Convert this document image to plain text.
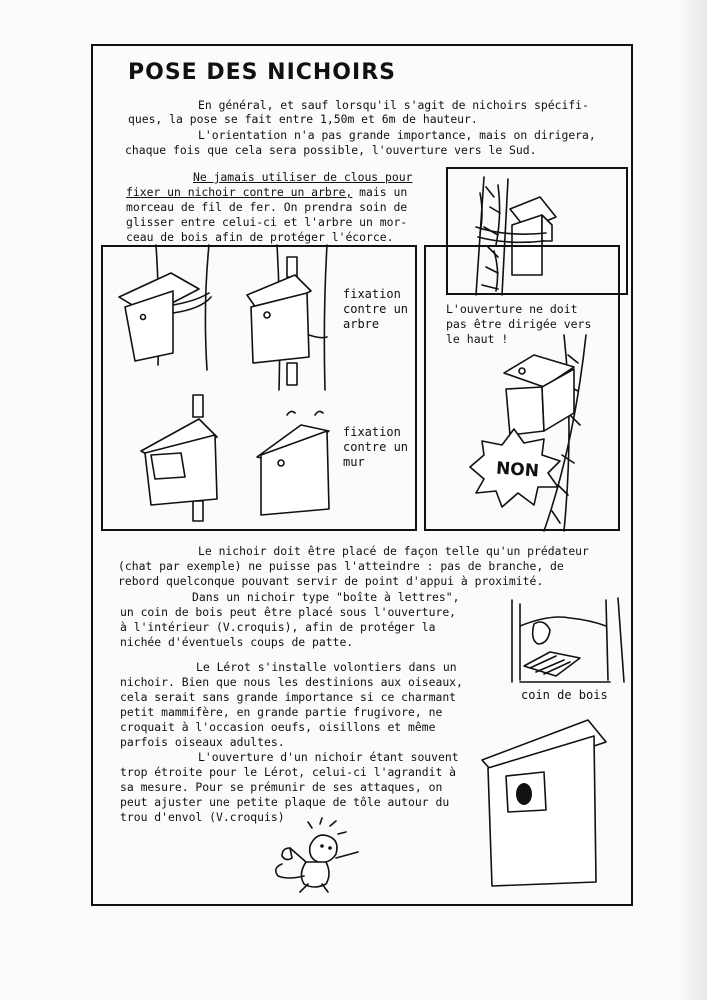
POSE DES NICHOIRS
En général, et sauf lorsqu'il s'agit de nichoirs spécifi-
ques, la pose se fait entre 1,50m et 6m de hauteur.
L'orientation n'a pas grande importance, mais on dirigera,
chaque fois que cela sera possible, l'ouverture vers le Sud.
Ne jamais utiliser de clous pour
fixer un nichoir contre un arbre, mais un
morceau de fil de fer. On prendra soin de
glisser entre celui-ci et l'arbre un mor-
ceau de bois afin de protéger l'écorce.
fixation
contre un
arbre
fixation
contre un
mur
L'ouverture ne doit
pas être dirigée vers
le haut !
NON
Le nichoir doit être placé de façon telle qu'un prédateur
(chat par exemple) ne puisse pas l'atteindre : pas de branche, de
rebord quelconque pouvant servir de point d'appui à proximité.
Dans un nichoir type "boîte à lettres",
un coin de bois peut être placé sous l'ouverture,
à l'intérieur (V.croquis), afin de protéger la
nichée d'éventuels coups de patte.
coin de bois
Le Lérot s'installe volontiers dans un
nichoir. Bien que nous les destinions aux oiseaux,
cela serait sans grande importance si ce charmant
petit mammifère, en grande partie frugivore, ne
croquait à l'occasion oeufs, oisillons et même
parfois oiseaux adultes.
L'ouverture d'un nichoir étant souvent
trop étroite pour le Lérot, celui-ci l'agrandit à
sa mesure. Pour se prémunir de ses attaques, on
peut ajuster une petite plaque de tôle autour du
trou d'envol (V.croquis)
